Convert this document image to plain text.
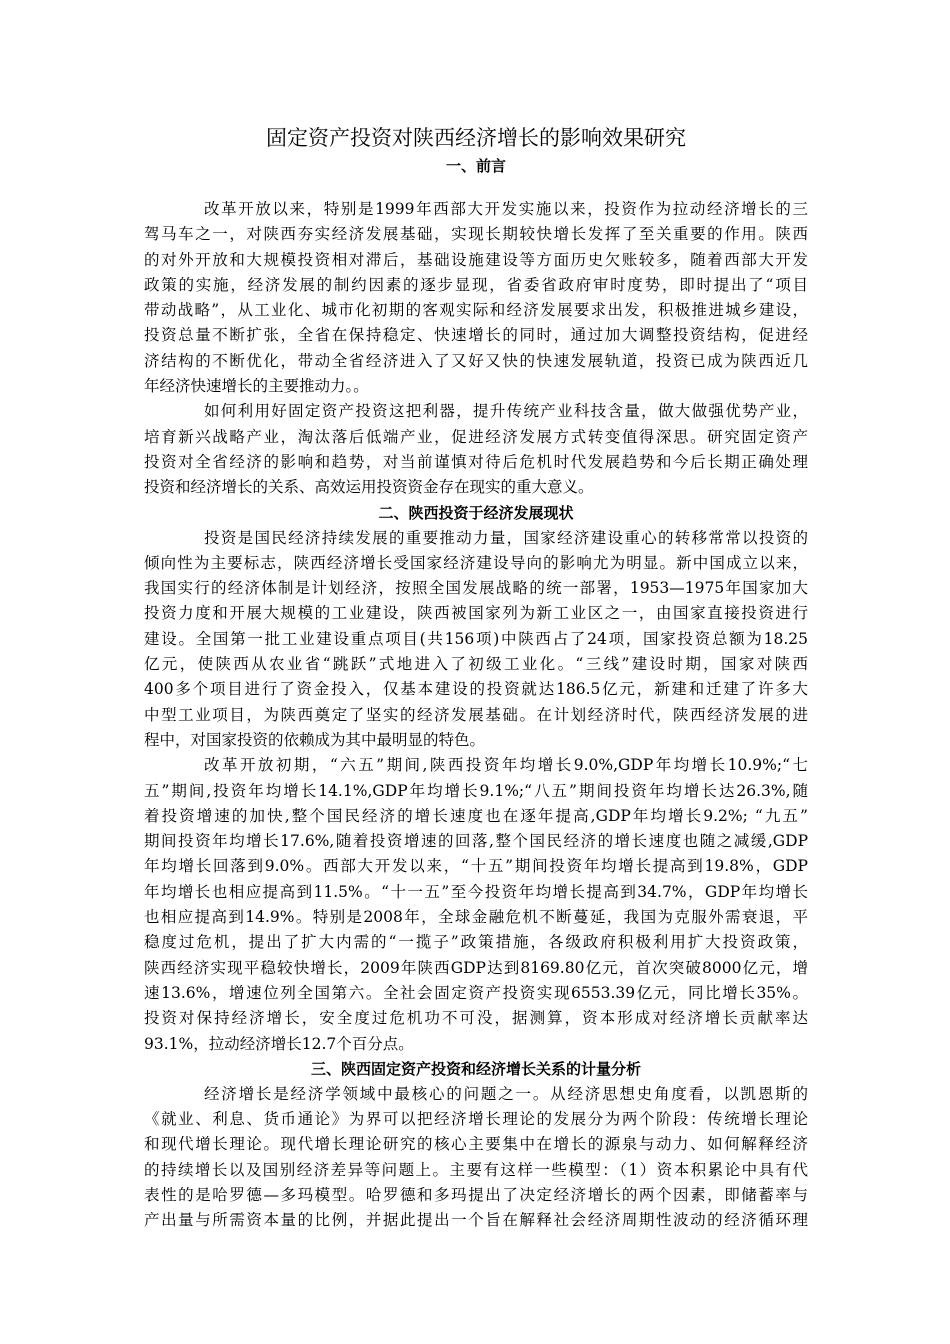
固定资产投资对陕西经济增长的影响效果研究
一、前言
改革开放以来，特别是1999年西部大开发实施以来，投资作为拉动经济增长的三
驾马车之一，对陕西夯实经济发展基础，实现长期较快增长发挥了至关重要的作用。陕西
的对外开放和大规模投资相对滞后，基础设施建设等方面历史欠账较多，随着西部大开发
政策的实施，经济发展的制约因素的逐步显现，省委省政府审时度势，即时提出了“项目
带动战略”，从工业化、城市化初期的客观实际和经济发展要求出发，积极推进城乡建设，
投资总量不断扩张，全省在保持稳定、快速增长的同时，通过加大调整投资结构，促进经
济结构的不断优化，带动全省经济进入了又好又快的快速发展轨道，投资已成为陕西近几
年经济快速增长的主要推动力。。
如何利用好固定资产投资这把利器，提升传统产业科技含量，做大做强优势产业，
培育新兴战略产业，淘汰落后低端产业，促进经济发展方式转变值得深思。研究固定资产
投资对全省经济的影响和趋势，对当前谨慎对待后危机时代发展趋势和今后长期正确处理
投资和经济增长的关系、高效运用投资资金存在现实的重大意义。
二、陕西投资于经济发展现状
投资是国民经济持续发展的重要推动力量，国家经济建设重心的转移常常以投资的
倾向性为主要标志，陕西经济增长受国家经济建设导向的影响尤为明显。新中国成立以来，
我国实行的经济体制是计划经济，按照全国发展战略的统一部署，1953—1975年国家加大
投资力度和开展大规模的工业建设，陕西被国家列为新工业区之一，由国家直接投资进行
建设。全国第一批工业建设重点项目(共156项)中陕西占了24项，国家投资总额为18.25
亿元，使陕西从农业省“跳跃”式地进入了初级工业化。“三线”建设时期，国家对陕西
400多个项目进行了资金投入，仅基本建设的投资就达186.5亿元，新建和迁建了许多大
中型工业项目，为陕西奠定了坚实的经济发展基础。在计划经济时代，陕西经济发展的进
程中，对国家投资的依赖成为其中最明显的特色。
改革开放初期，“六五”期间,陕西投资年均增长9.0%,GDP年均增长10.9%;“七
五”期间,投资年均增长14.1%,GDP年均增长9.1%;“八五”期间投资年均增长达26.3%,随
着投资增速的加快,整个国民经济的增长速度也在逐年提高,GDP年均增长9.2%; “九五”
期间投资年均增长17.6%,随着投资增速的回落,整个国民经济的增长速度也随之减缓,GDP
年均增长回落到9.0%。西部大开发以来，“十五”期间投资年均增长提高到19.8%，GDP
年均增长也相应提高到11.5%。“十一五”至今投资年均增长提高到34.7%，GDP年均增长
也相应提高到14.9%。特别是2008年，全球金融危机不断蔓延，我国为克服外需衰退，平
稳度过危机，提出了扩大内需的“一揽子”政策措施，各级政府积极利用扩大投资政策，
陕西经济实现平稳较快增长，2009年陕西GDP达到8169.80亿元，首次突破8000亿元，增
速13.6%，增速位列全国第六。全社会固定资产投资实现6553.39亿元，同比增长35%。
投资对保持经济增长，安全度过危机功不可没，据测算，资本形成对经济增长贡献率达
93.1%，拉动经济增长12.7个百分点。
三、陕西固定资产投资和经济增长关系的计量分析
经济增长是经济学领域中最核心的问题之一。从经济思想史角度看，以凯恩斯的
《就业、利息、货币通论》为界可以把经济增长理论的发展分为两个阶段：传统增长理论
和现代增长理论。现代增长理论研究的核心主要集中在增长的源泉与动力、如何解释经济
的持续增长以及国别经济差异等问题上。主要有这样一些模型：（1）资本积累论中具有代
表性的是哈罗德—多玛模型。哈罗德和多玛提出了决定经济增长的两个因素，即储蓄率与
产出量与所需资本量的比例，并据此提出一个旨在解释社会经济周期性波动的经济循环理
